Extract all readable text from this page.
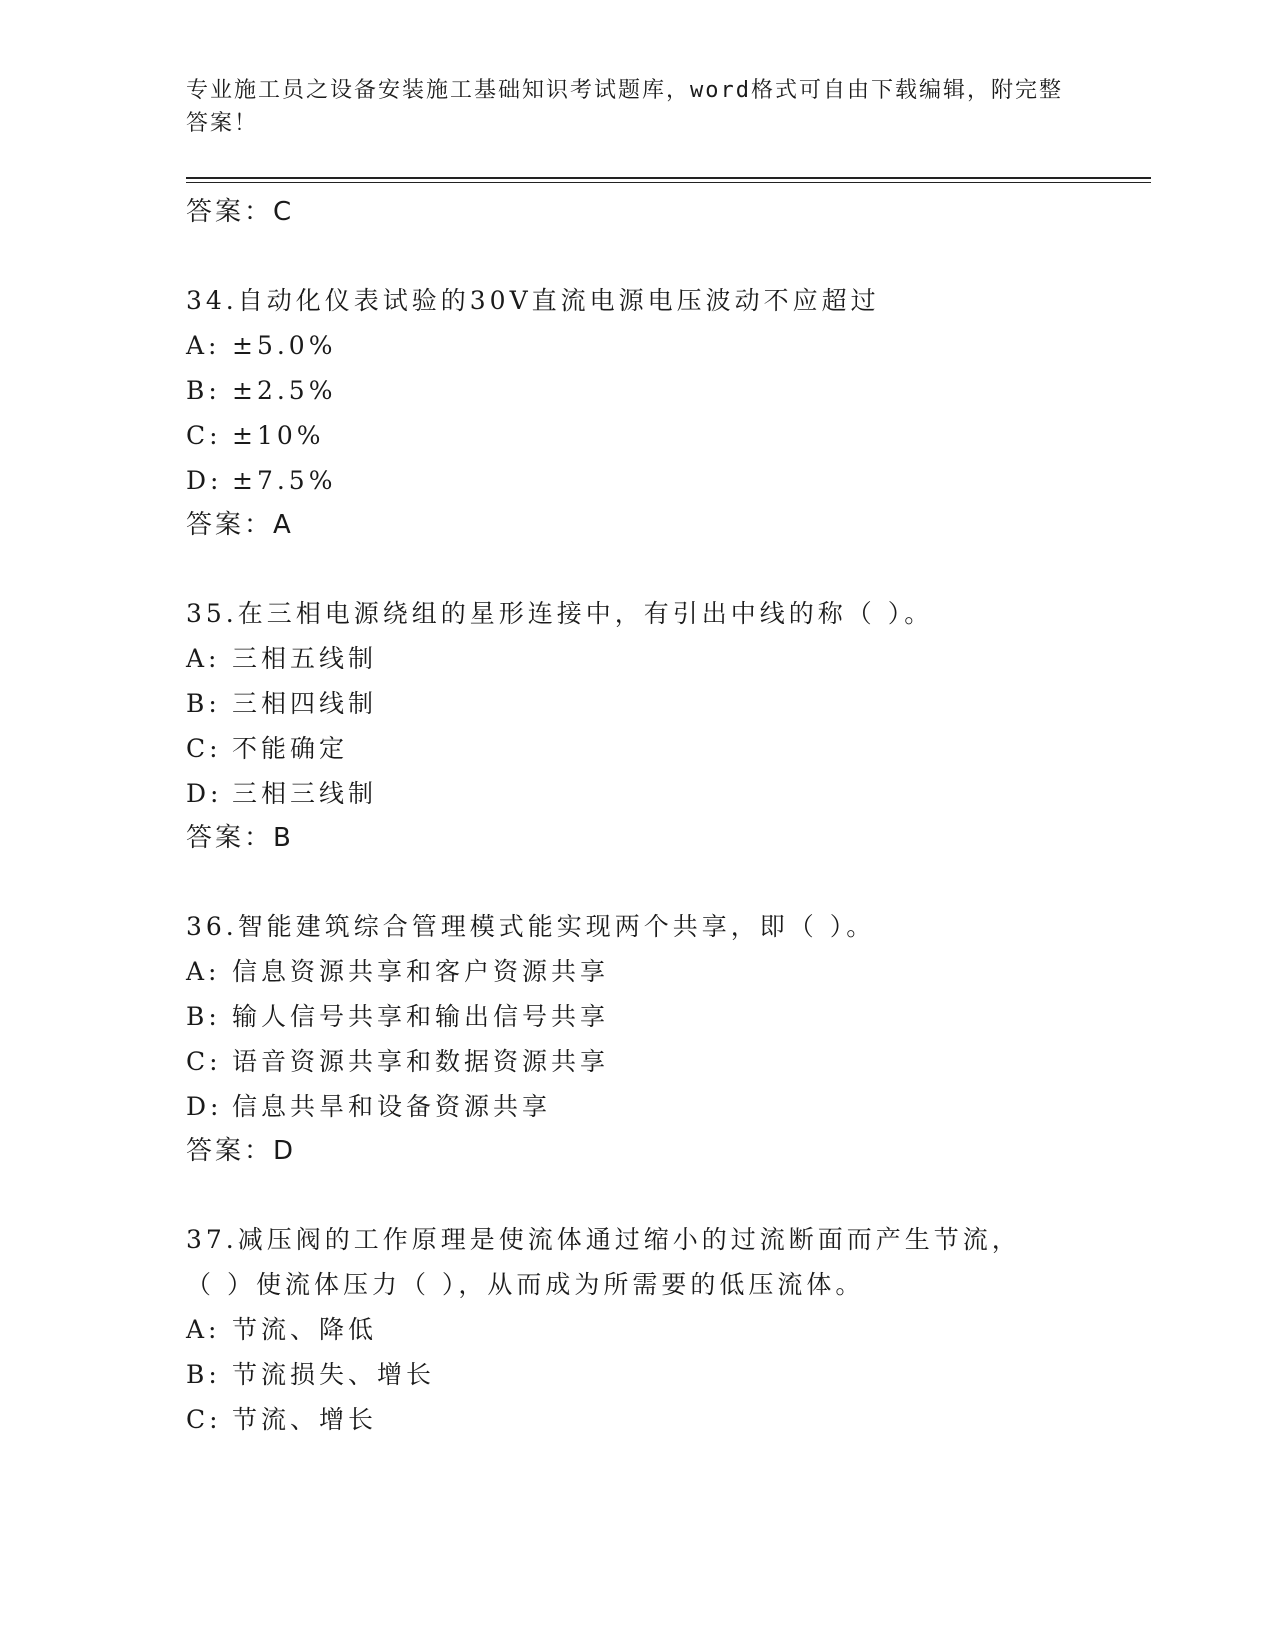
专业施工员之设备安装施工基础知识考试题库，word格式可自由下载编辑，附完整答案！
答案：C
34.自动化仪表试验的30V直流电源电压波动不应超过
A: ±5.0%
B: ±2.5%
C: ±10%
D: ±7.5%
答案：A
35.在三相电源绕组的星形连接中，有引出中线的称（ ）。
A: 三相五线制
B: 三相四线制
C: 不能确定
D: 三相三线制
答案：B
36.智能建筑综合管理模式能实现两个共享，即（ ）。
A: 信息资源共享和客户资源共享
B: 输人信号共享和输出信号共享
C: 语音资源共享和数据资源共享
D: 信息共旱和设备资源共享
答案：D
37.减压阀的工作原理是使流体通过缩小的过流断面而产生节流，（ ）使流体压力（ ），从而成为所需要的低压流体。
A: 节流、降低
B: 节流损失、增长
C: 节流、增长
